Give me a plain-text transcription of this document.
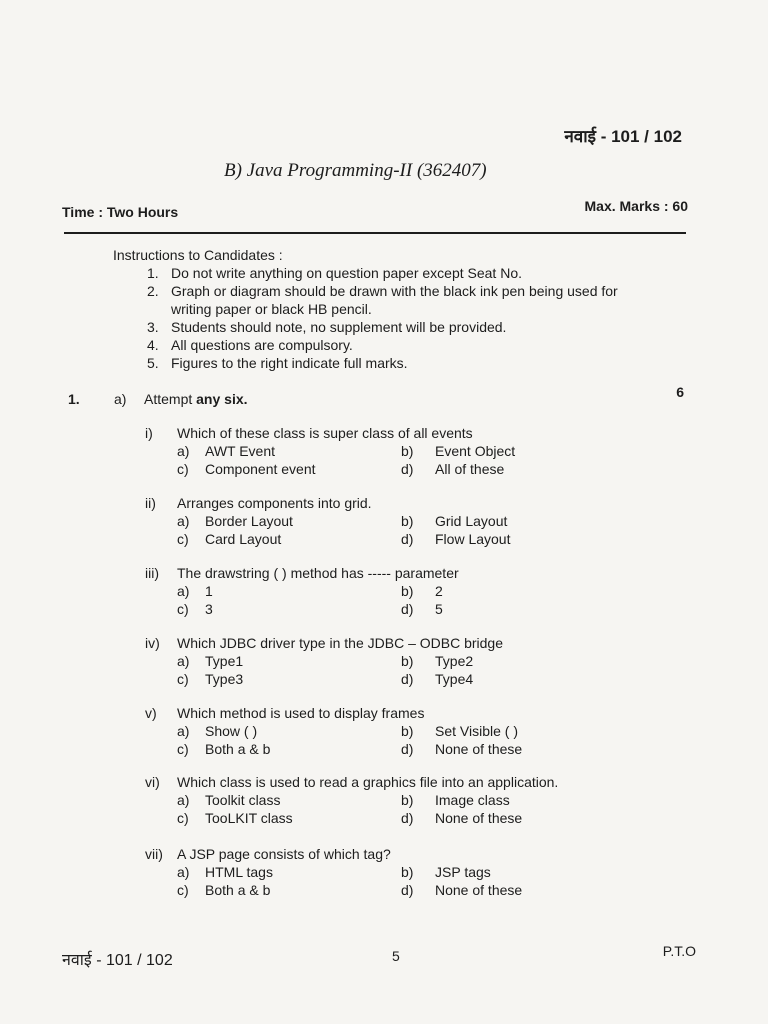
नवाई - 101 / 102
B) Java Programming-II (362407)
Time : Two Hours	Max. Marks : 60
Instructions to Candidates :
1. Do not write anything on question paper except Seat No.
2. Graph or diagram should be drawn with the black ink pen being used for writing paper or black HB pencil.
3. Students should note, no supplement will be provided.
4. All questions are compulsory.
5. Figures to the right indicate full marks.
1. a) Attempt any six.	6
i)	Which of these class is super class of all events
a)	AWT Event	b)	Event Object
c)	Component event	d)	All of these
ii)	Arranges components into grid.
a)	Border Layout	b)	Grid Layout
c)	Card Layout	d)	Flow Layout
iii)	The drawstring ( ) method has ----- parameter
a)	1	b)	2
c)	3	d)	5
iv)	Which JDBC driver type in the JDBC – ODBC bridge
a)	Type1	b)	Type2
c)	Type3	d)	Type4
v)	Which method is used to display frames
a)	Show ( )	b)	Set Visible ( )
c)	Both a & b	d)	None of these
vi)	Which class is used to read a graphics file into an application.
a)	Toolkit class	b)	Image class
c)	TooLKIT class	d)	None of these
vii)	A JSP page consists of which tag?
a)	HTML tags	b)	JSP tags
c)	Both a & b	d)	None of these
नवाई - 101 / 102	5	P.T.O
